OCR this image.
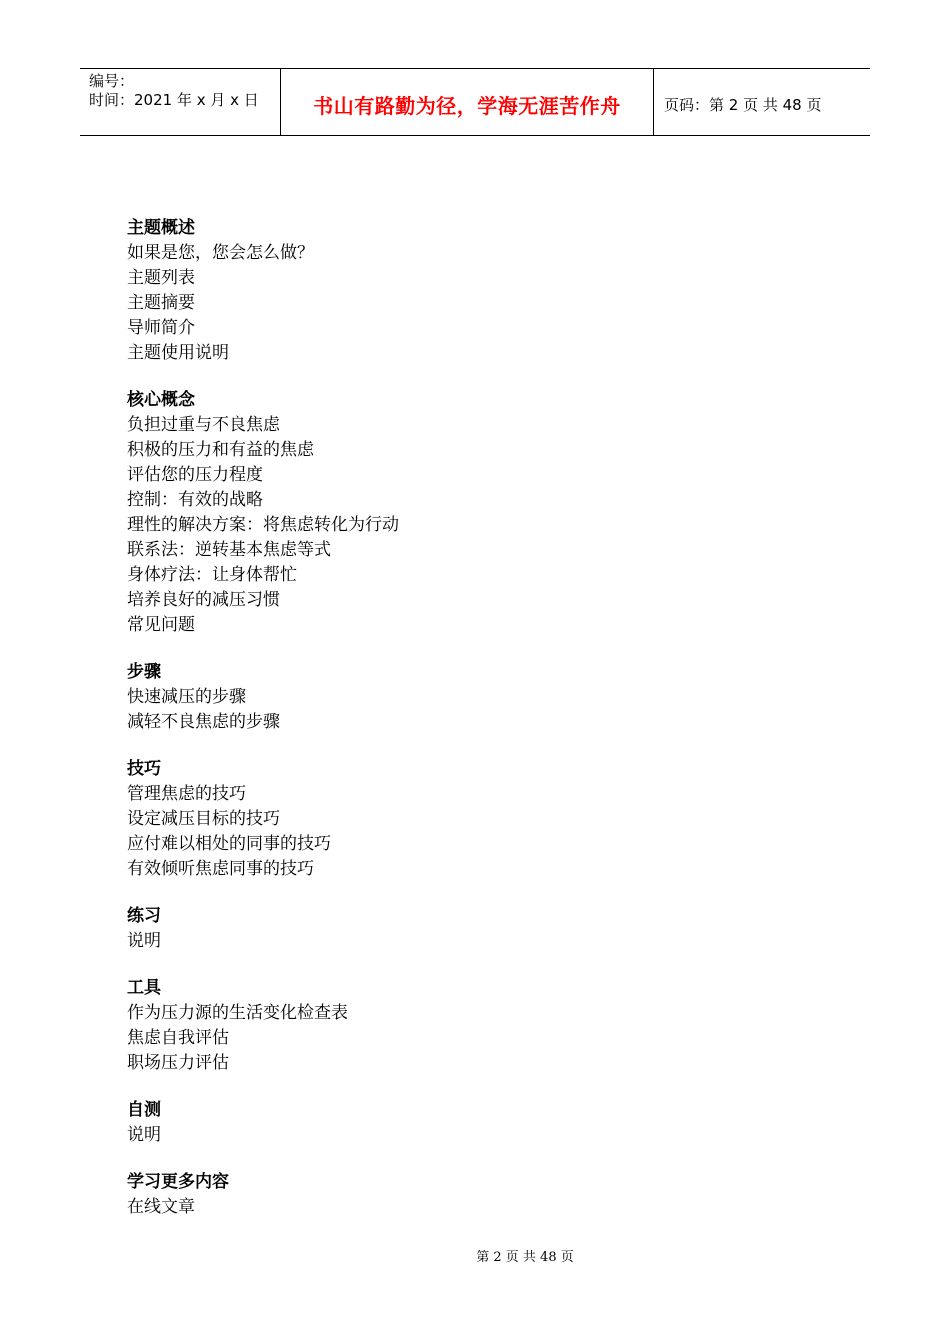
编号：
时间：2021 年 x 月 x 日	书山有路勤为径，学海无涯苦作舟	页码：第 2 页 共 48 页
主题概述
如果是您，您会怎么做？
主题列表
主题摘要
导师简介
主题使用说明
核心概念
负担过重与不良焦虑
积极的压力和有益的焦虑
评估您的压力程度
控制：有效的战略
理性的解决方案：将焦虑转化为行动
联系法：逆转基本焦虑等式
身体疗法：让身体帮忙
培养良好的减压习惯
常见问题
步骤
快速减压的步骤
减轻不良焦虑的步骤
技巧
管理焦虑的技巧
设定减压目标的技巧
应付难以相处的同事的技巧
有效倾听焦虑同事的技巧
练习
说明
工具
作为压力源的生活变化检查表
焦虑自我评估
职场压力评估
自测
说明
学习更多内容
在线文章
第 2 页 共 48 页
